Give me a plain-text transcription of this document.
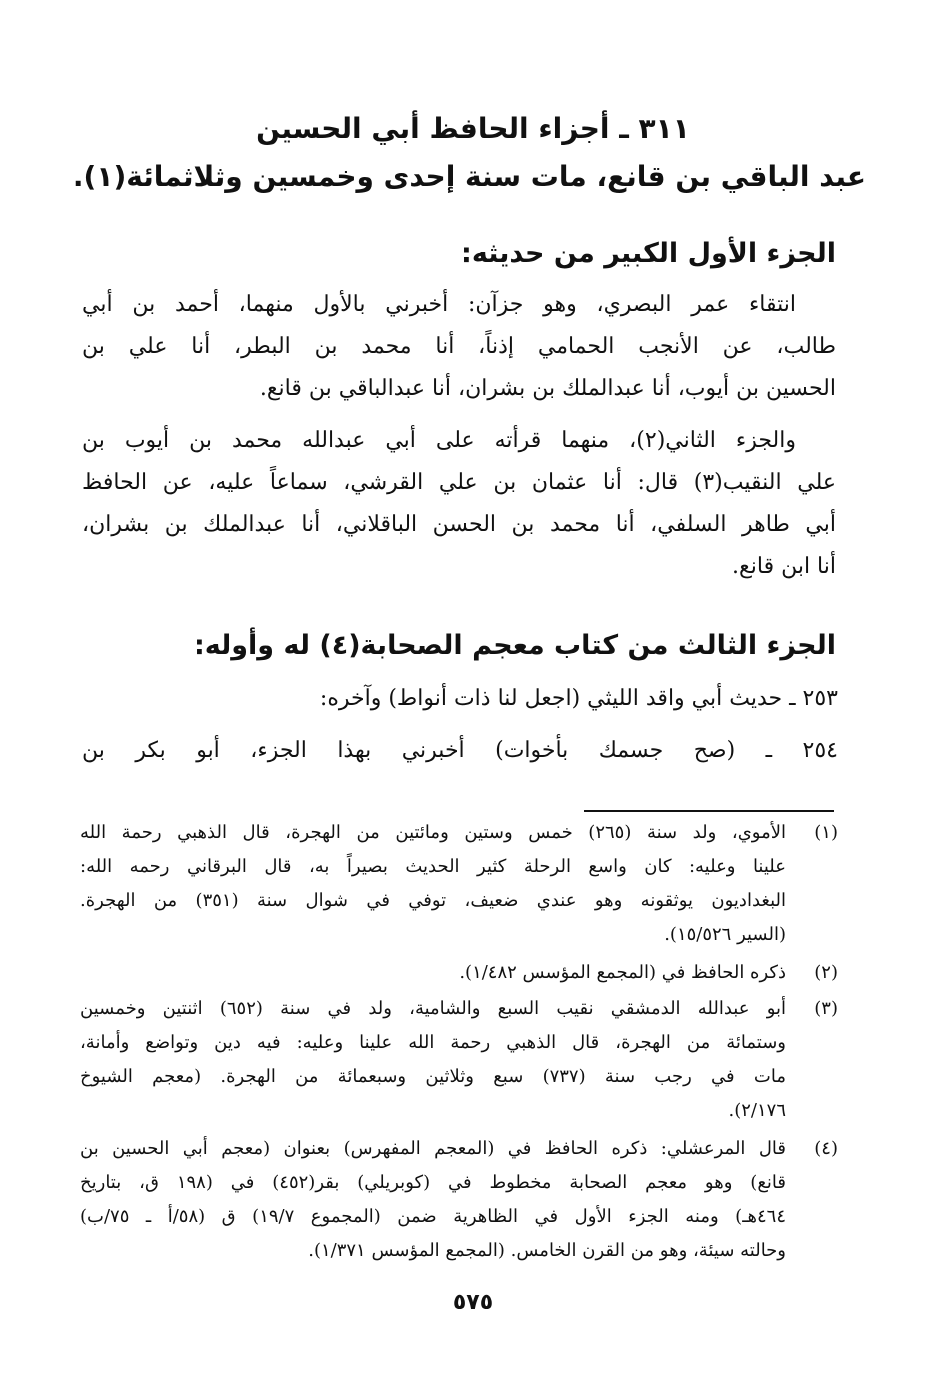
٣١١ ـ أجزاء الحافظ أبي الحسين
عبد الباقي بن قانع، مات سنة إحدى وخمسين وثلاثمائة(١).
الجزء الأول الكبير من حديثه:
انتقاء عمر البصري، وهو جزآن: أخبرني بالأول منهما، أحمد بن أبي
طالب، عن الأنجب الحمامي إذناً، أنا محمد بن البطر، أنا علي بن
الحسين بن أيوب، أنا عبدالملك بن بشران، أنا عبدالباقي بن قانع.
والجزء الثاني(٢)، منهما قرأته على أبي عبدالله محمد بن أيوب بن
علي النقيب(٣) قال: أنا عثمان بن علي القرشي، سماعاً عليه، عن الحافظ
أبي طاهر السلفي، أنا محمد بن الحسن الباقلاني، أنا عبدالملك بن بشران،
أنا ابن قانع.
الجزء الثالث من كتاب معجم الصحابة(٤) له وأوله:
٢٥٣ ـ حديث أبي واقد الليثي (اجعل لنا ذات أنواط) وآخره:
٢٥٤ ـ (صح جسمك بأخوات) أخبرني بهذا الجزء، أبو بكر بن
(١)
الأموي، ولد سنة (٢٦٥) خمس وستين ومائتين من الهجرة، قال الذهبي رحمة الله
علينا وعليه: كان واسع الرحلة كثير الحديث بصيراً به، قال البرقاني رحمه الله:
البغداديون يوثقونه وهو عندي ضعيف، توفي في شوال سنة (٣٥١) من الهجرة.
(السير ١٥/٥٢٦).
(٢)
ذكره الحافظ في (المجمع المؤسس ١/٤٨٢).
(٣)
أبو عبدالله الدمشقي نقيب السبع والشامية، ولد في سنة (٦٥٢) اثنتين وخمسين
وستمائة من الهجرة، قال الذهبي رحمة الله علينا وعليه: فيه دين وتواضع وأمانة،
مات في رجب سنة (٧٣٧) سبع وثلاثين وسبعمائة من الهجرة. (معجم الشيوخ
٢/١٧٦).
(٤)
قال المرعشلي: ذكره الحافظ في (المعجم المفهرس) بعنوان (معجم أبي الحسين بن
قانع) وهو معجم الصحابة مخطوط في (كوبريلي) بقر(٤٥٢) في (١٩٨ ق، بتاريخ
٤٦٤هـ) ومنه الجزء الأول في الظاهرية ضمن (المجموع ١٩/٧) ق (٥٨/أ ـ ٧٥/ب)
وحالته سيئة، وهو من القرن الخامس. (المجمع المؤسس ١/٣٧١).
٥٧٥
